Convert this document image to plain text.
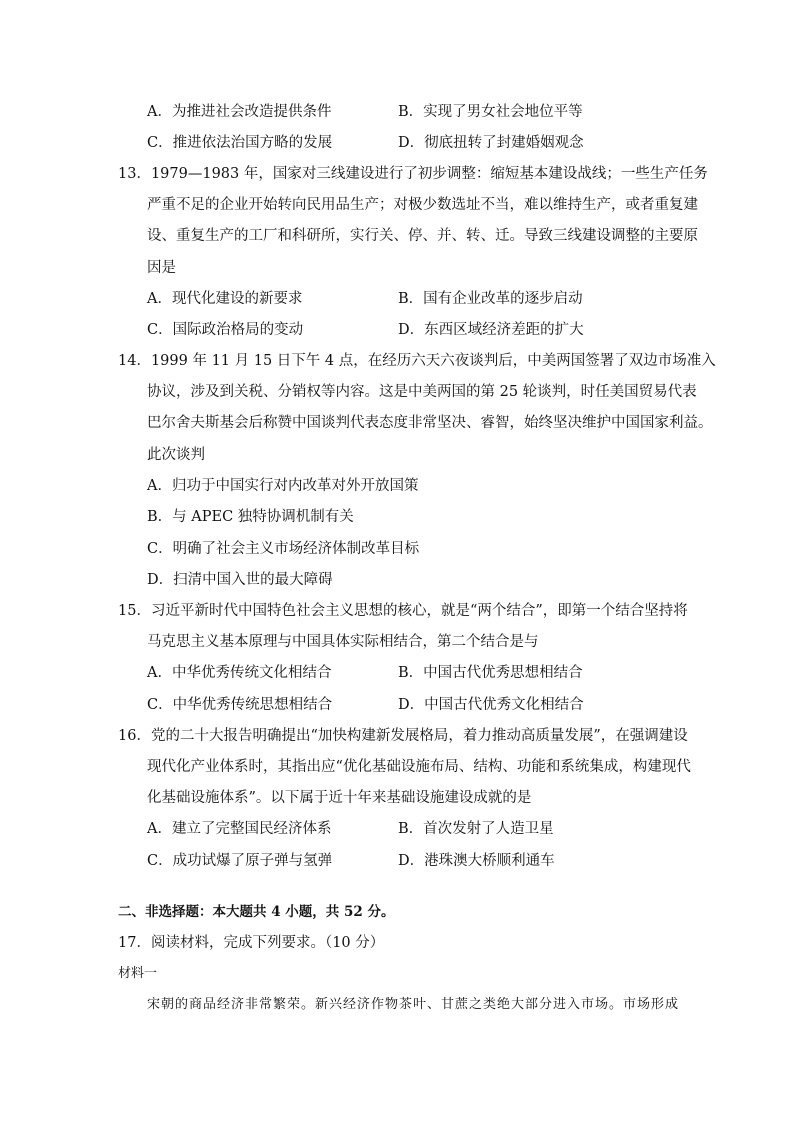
A．为推进社会改造提供条件	B．实现了男女社会地位平等
C．推进依法治国方略的发展	D．彻底扭转了封建婚姻观念
13．1979—1983 年，国家对三线建设进行了初步调整：缩短基本建设战线；一些生产任务
严重不足的企业开始转向民用品生产；对极少数选址不当，难以维持生产，或者重复建
设、重复生产的工厂和科研所，实行关、停、并、转、迁。导致三线建设调整的主要原
因是
A．现代化建设的新要求	B．国有企业改革的逐步启动
C．国际政治格局的变动	D．东西区域经济差距的扩大
14．1999 年 11 月 15 日下午 4 点，在经历六天六夜谈判后，中美两国签署了双边市场准入
协议，涉及到关税、分销权等内容。这是中美两国的第 25 轮谈判，时任美国贸易代表
巴尔舍夫斯基会后称赞中国谈判代表态度非常坚决、睿智，始终坚决维护中国国家利益。
此次谈判
A．归功于中国实行对内改革对外开放国策
B．与 APEC 独特协调机制有关
C．明确了社会主义市场经济体制改革目标
D．扫清中国入世的最大障碍
15．习近平新时代中国特色社会主义思想的核心，就是“两个结合”，即第一个结合坚持将
马克思主义基本原理与中国具体实际相结合，第二个结合是与
A．中华优秀传统文化相结合	B．中国古代优秀思想相结合
C．中华优秀传统思想相结合	D．中国古代优秀文化相结合
16．党的二十大报告明确提出“加快构建新发展格局，着力推动高质量发展”，在强调建设
现代化产业体系时，其指出应“优化基础设施布局、结构、功能和系统集成，构建现代
化基础设施体系”。以下属于近十年来基础设施建设成就的是
A．建立了完整国民经济体系	B．首次发射了人造卫星
C．成功试爆了原子弹与氢弹	D．港珠澳大桥顺利通车
二、非选择题：本大题共 4 小题，共 52 分。
17．阅读材料，完成下列要求。（10 分）
材料一
宋朝的商品经济非常繁荣。新兴经济作物茶叶、甘蔗之类绝大部分进入市场。市场形成
